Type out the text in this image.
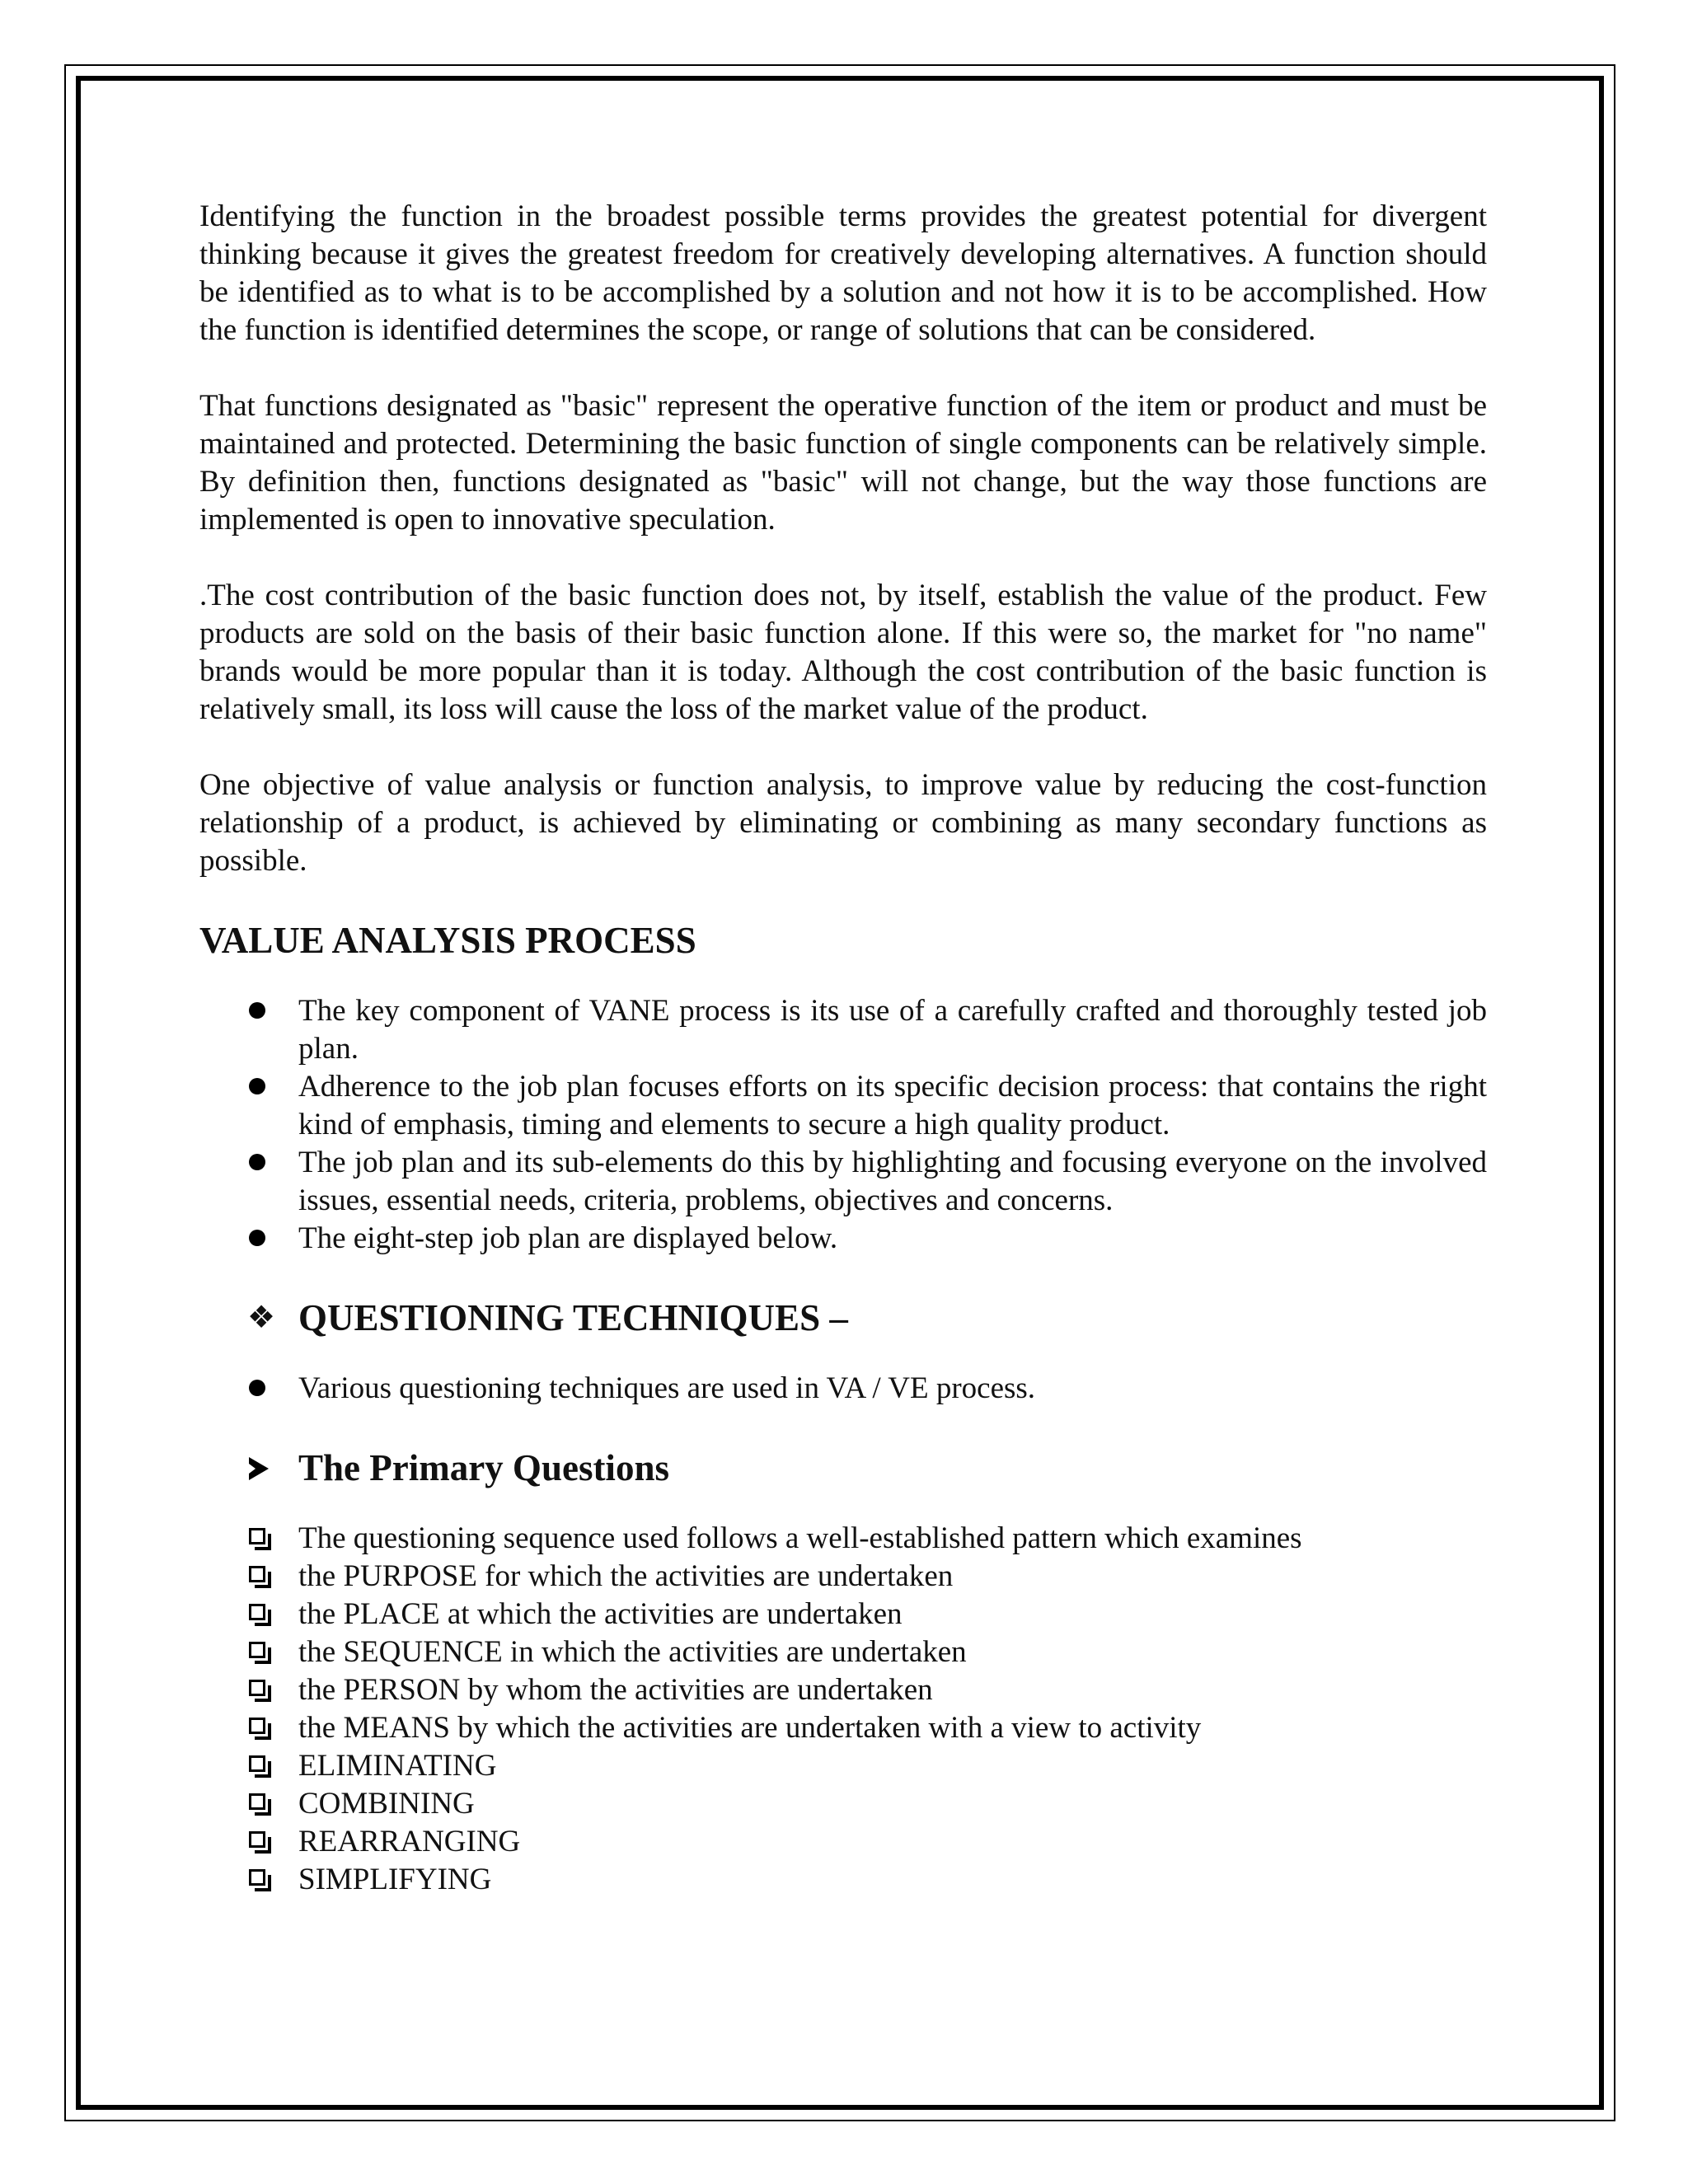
Identifying the function in the broadest possible terms provides the greatest potential for divergent thinking because it gives the greatest freedom for creatively developing alternatives. A function should be identified as to what is to be accomplished by a solution and not how it is to be accomplished. How the function is identified determines the scope, or range of solutions that can be considered.

That functions designated as "basic" represent the operative function of the item or product and must be maintained and protected. Determining the basic function of single components can be relatively simple. By definition then, functions designated as "basic" will not change, but the way those functions are implemented is open to innovative speculation.

.The cost contribution of the basic function does not, by itself, establish the value of the product. Few products are sold on the basis of their basic function alone. If this were so, the market for "no name" brands would be more popular than it is today. Although the cost contribution of the basic function is relatively small, its loss will cause the loss of the market value of the product.

One objective of value analysis or function analysis, to improve value by reducing the cost-function relationship of a product, is achieved by eliminating or combining as many secondary functions as possible.

VALUE ANALYSIS PROCESS
The key component of VANE process is its use of a carefully crafted and thoroughly tested job plan.
Adherence to the job plan focuses efforts on its specific decision process: that contains the right kind of emphasis, timing and elements to secure a high quality product.
The job plan and its sub-elements do this by highlighting and focusing everyone on the involved issues, essential needs, criteria, problems, objectives and concerns.
The eight-step job plan are displayed below.
❖ QUESTIONING TECHNIQUES –
Various questioning techniques are used in VA / VE process.
The Primary Questions
The questioning sequence used follows a well-established pattern which examines
the PURPOSE for which the activities are undertaken
the PLACE at which the activities are undertaken
the SEQUENCE in which the activities are undertaken
the PERSON by whom the activities are undertaken
the MEANS by which the activities are undertaken with a view to activity
ELIMINATING
COMBINING
REARRANGING
SIMPLIFYING
